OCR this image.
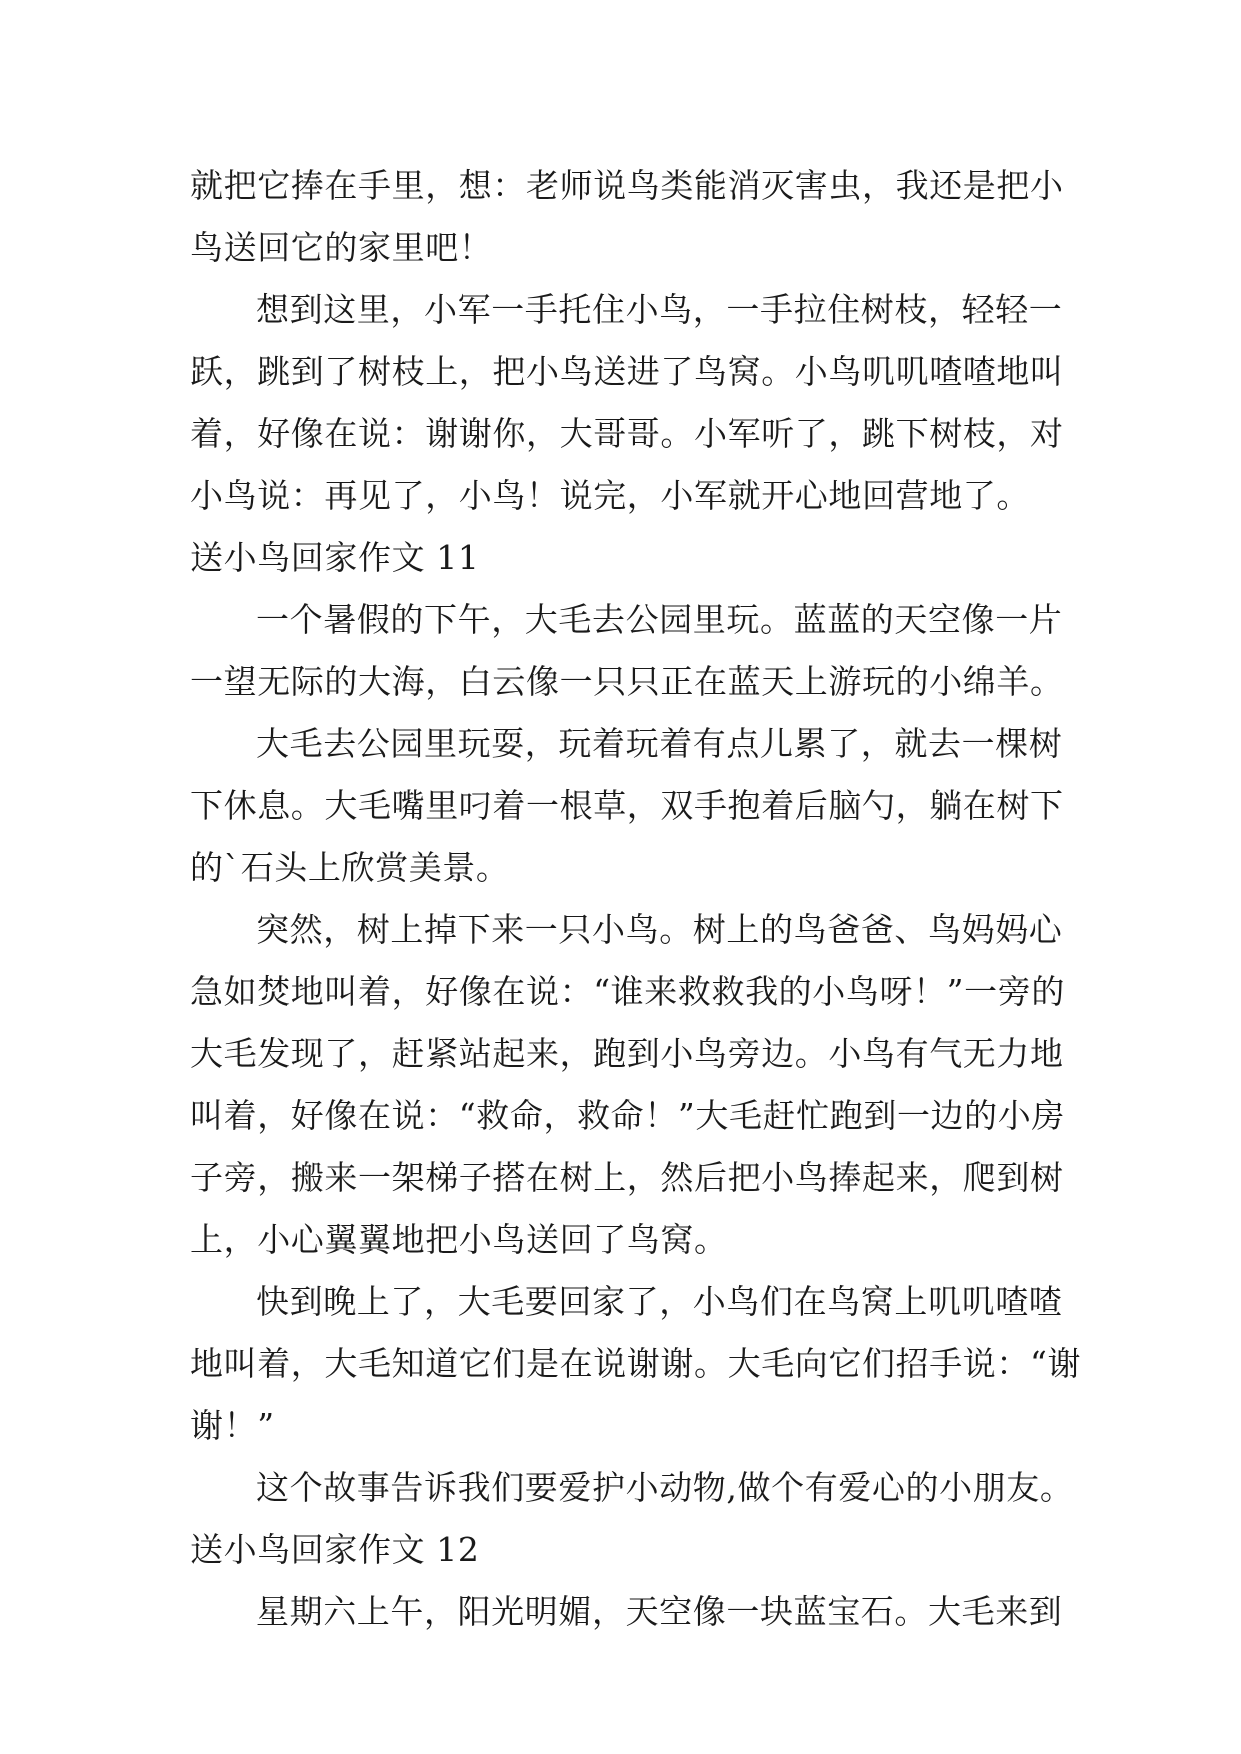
就把它捧在手里，想：老师说鸟类能消灭害虫，我还是把小
鸟送回它的家里吧！
想到这里，小军一手托住小鸟，一手拉住树枝，轻轻一
跃，跳到了树枝上，把小鸟送进了鸟窝。小鸟叽叽喳喳地叫
着，好像在说：谢谢你，大哥哥。小军听了，跳下树枝，对
小鸟说：再见了，小鸟！说完，小军就开心地回营地了。
送小鸟回家作文 11
一个暑假的下午，大毛去公园里玩。蓝蓝的天空像一片
一望无际的大海，白云像一只只正在蓝天上游玩的小绵羊。
大毛去公园里玩耍，玩着玩着有点儿累了，就去一棵树
下休息。大毛嘴里叼着一根草，双手抱着后脑勺，躺在树下
的`石头上欣赏美景。
突然，树上掉下来一只小鸟。树上的鸟爸爸、鸟妈妈心
急如焚地叫着，好像在说：“谁来救救我的小鸟呀！”一旁的
大毛发现了，赶紧站起来，跑到小鸟旁边。小鸟有气无力地
叫着，好像在说：“救命，救命！”大毛赶忙跑到一边的小房
子旁，搬来一架梯子搭在树上，然后把小鸟捧起来，爬到树
上，小心翼翼地把小鸟送回了鸟窝。
快到晚上了，大毛要回家了，小鸟们在鸟窝上叽叽喳喳
地叫着，大毛知道它们是在说谢谢。大毛向它们招手说：“谢
谢！”
这个故事告诉我们要爱护小动物,做个有爱心的小朋友。
送小鸟回家作文 12
星期六上午，阳光明媚，天空像一块蓝宝石。大毛来到
